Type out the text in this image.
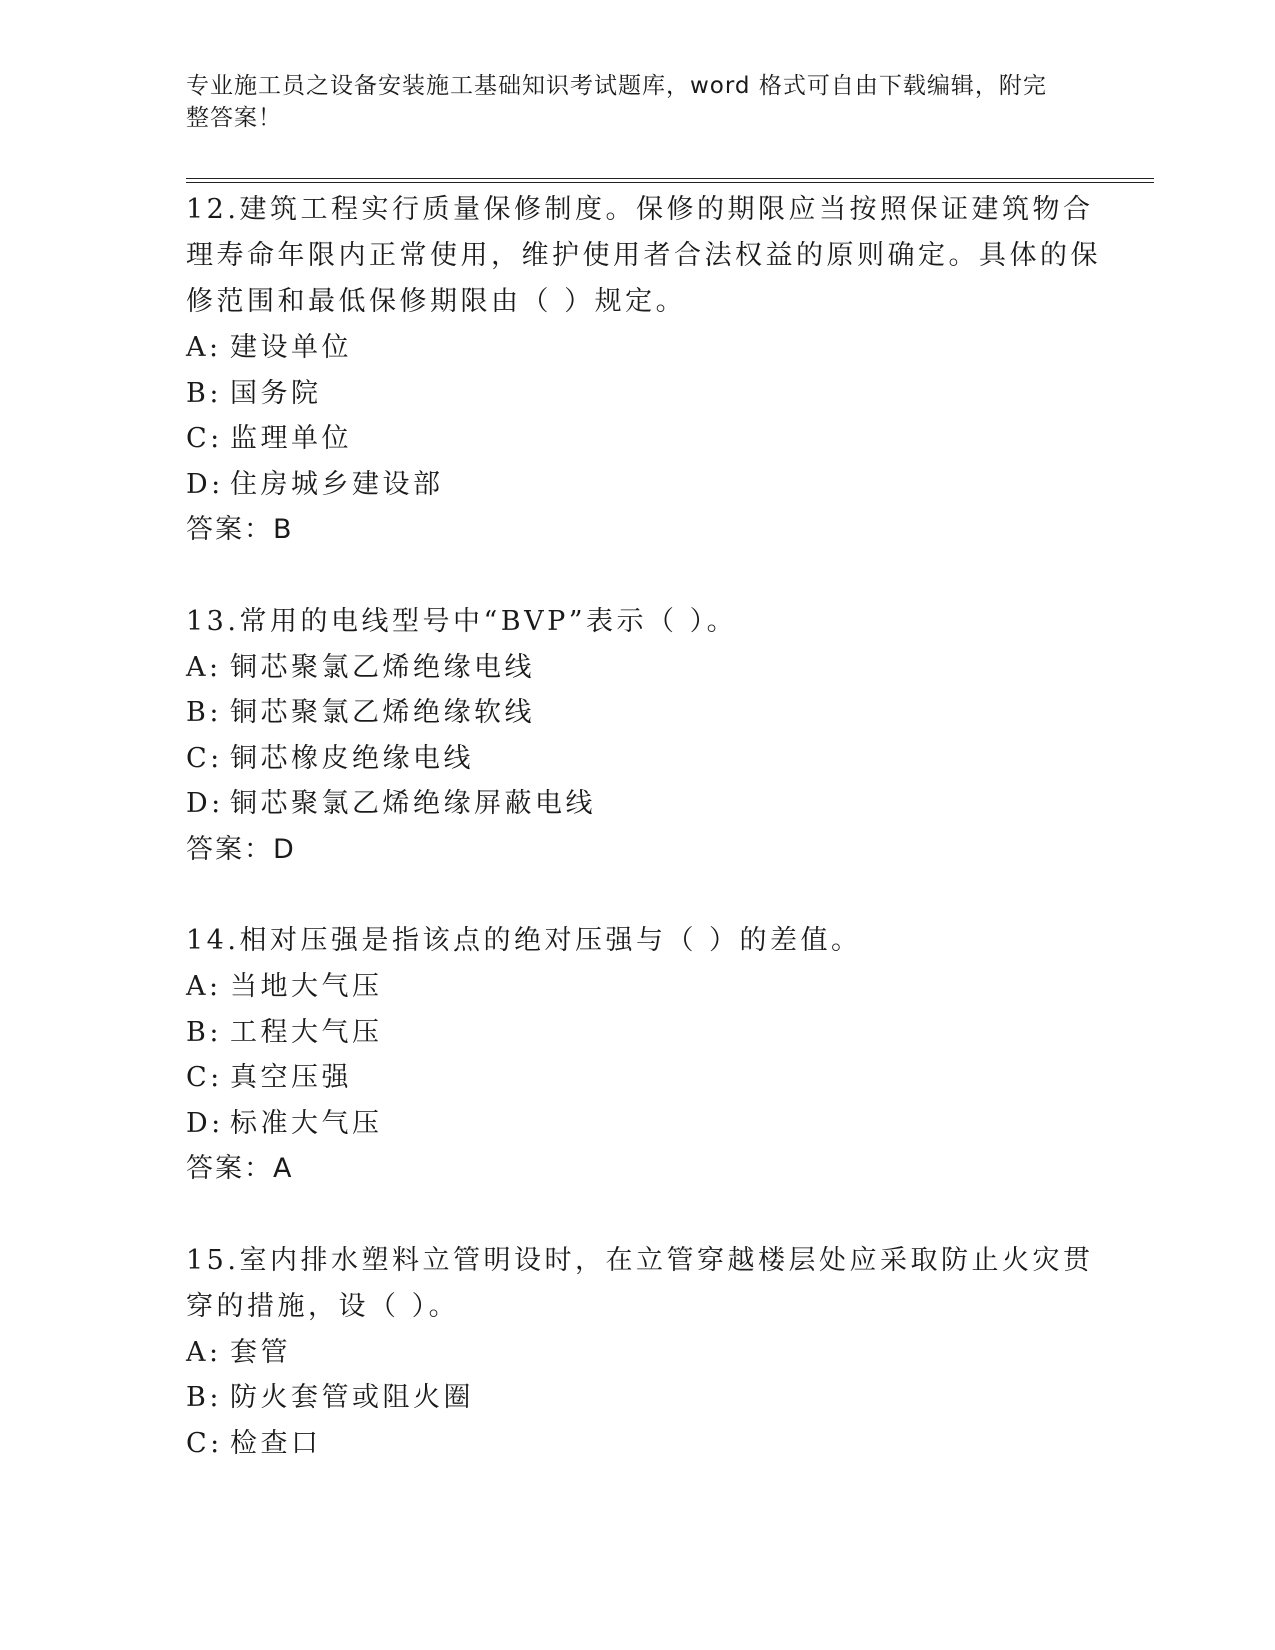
专业施工员之设备安装施工基础知识考试题库，word 格式可自由下载编辑，附完
整答案！

12.建筑工程实行质量保修制度。保修的期限应当按照保证建筑物合理寿命年限内正常使用，维护使用者合法权益的原则确定。具体的保修范围和最低保修期限由（ ）规定。

A: 建设单位

B: 国务院

C: 监理单位

D: 住房城乡建设部

答案：B

13.常用的电线型号中“BVP”表示（ ）。

A: 铜芯聚氯乙烯绝缘电线

B: 铜芯聚氯乙烯绝缘软线

C: 铜芯橡皮绝缘电线

D: 铜芯聚氯乙烯绝缘屏蔽电线

答案：D

14.相对压强是指该点的绝对压强与（ ）的差值。

A: 当地大气压

B: 工程大气压

C: 真空压强

D: 标准大气压

答案：A

15.室内排水塑料立管明设时，在立管穿越楼层处应采取防止火灾贯穿的措施，设（ ）。

A: 套管

B: 防火套管或阻火圈

C: 检查口
